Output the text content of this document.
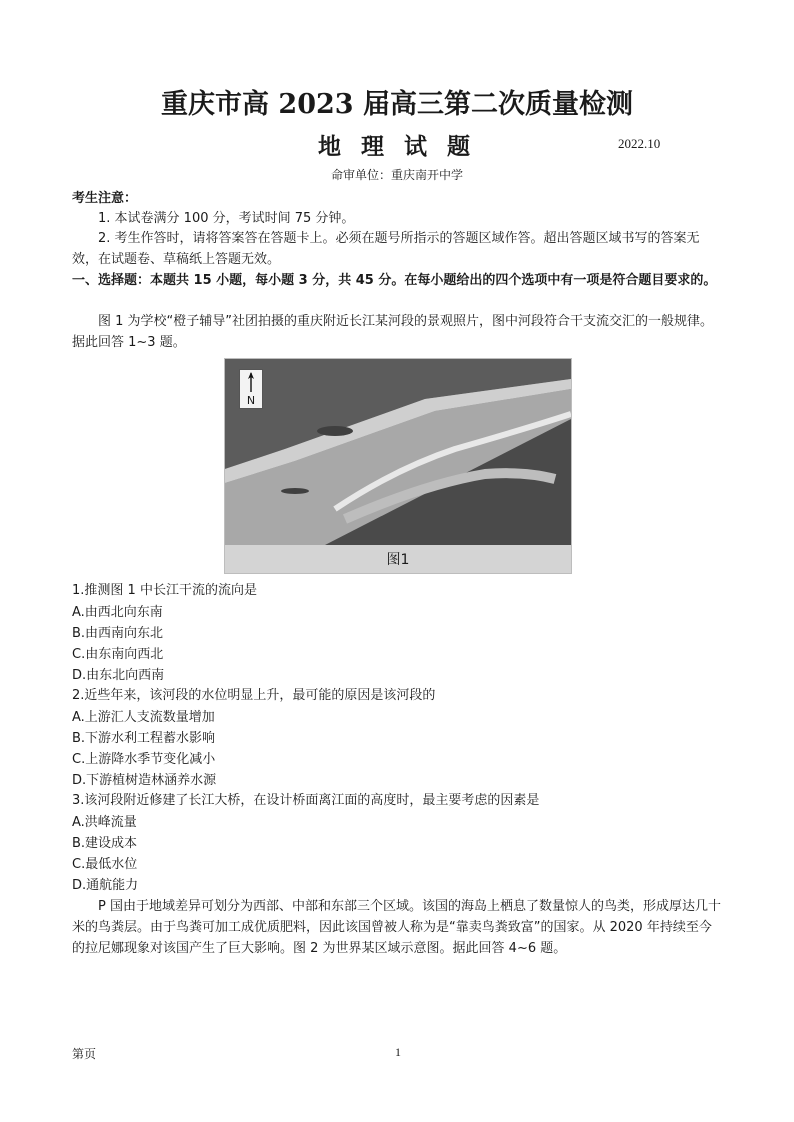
重庆市高 2023 届高三第二次质量检测
地 理 试 题	2022.10
命审单位：重庆南开中学
考生注意：
1. 本试卷满分 100 分，考试时间 75 分钟。
2. 考生作答时，请将答案答在答题卡上。必须在题号所指示的答题区域作答。超出答题区域书写的答案无效，在试题卷、草稿纸上答题无效。
一、选择题：本题共 15 小题，每小题 3 分，共 45 分。在每小题给出的四个选项中有一项是符合题目要求的。
图 1 为学校“橙子辅导”社团拍摄的重庆附近长江某河段的景观照片，图中河段符合干支流交汇的一般规律。据此回答 1~3 题。
N
图1
1.推测图 1 中长江干流的流向是
A.由西北向东南
B.由西南向东北
C.由东南向西北
D.由东北向西南
2.近些年来，该河段的水位明显上升，最可能的原因是该河段的
A.上游汇人支流数量增加
B.下游水利工程蓄水影响
C.上游降水季节变化减小
D.下游植树造林涵养水源
3.该河段附近修建了长江大桥，在设计桥面离江面的高度时，最主要考虑的因素是
A.洪峰流量
B.建设成本
C.最低水位
D.通航能力
P 国由于地域差异可划分为西部、中部和东部三个区域。该国的海岛上栖息了数量惊人的鸟类，形成厚达几十米的鸟粪层。由于鸟粪可加工成优质肥料，因此该国曾被人称为是“靠卖鸟粪致富”的国家。从 2020 年持续至今的拉尼娜现象对该国产生了巨大影响。图 2 为世界某区域示意图。据此回答 4~6 题。
第页	1
